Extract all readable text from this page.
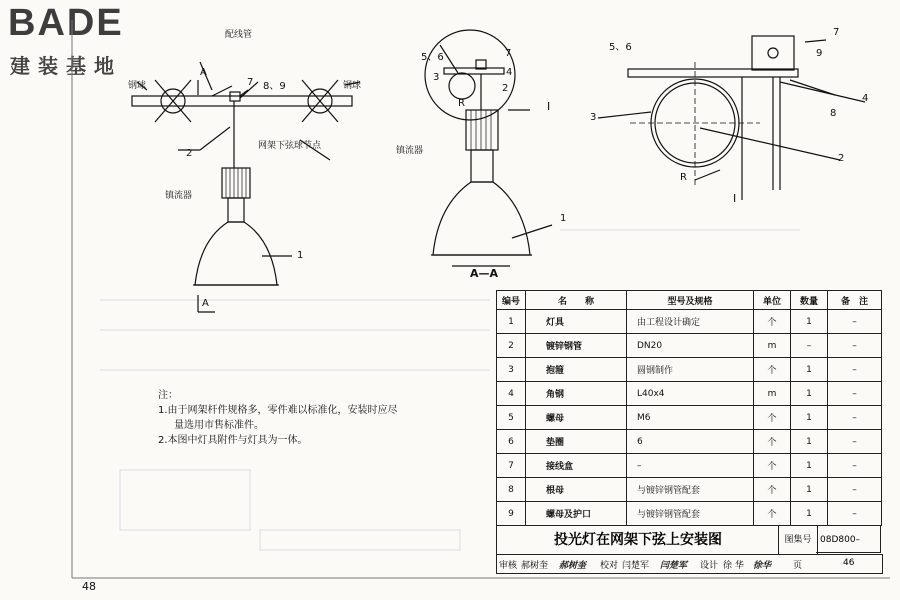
BADE
建装基地
配线管
钢球	钢球
A
A
网架下弦球节点
镇流器
镇流器
A—A
I
I
R
R
1
2
7 8、9
5、6	7
3	4
2
1
5、6
7
9
4
8
3
2
注：
1.由于网架杆件规格多，零件难以标准化，安装时应尽
量选用市售标准件。
2.本图中灯具附件与灯具为一体。
编号	名　　称	型号及规格	单位	数量	备　注
1	灯具	由工程设计确定	个	1	–
2	镀锌钢管	DN20	m	–	–
3	抱箍	圆钢制作	个	1	–
4	角钢	L40x4	m	1	–
5	螺母	M6	个	1	–
6	垫圈	6	个	1	–
7	接线盒	–	个	1	–
8	根母	与镀锌钢管配套	个	1	–
9	螺母及护口	与镀锌钢管配套	个	1	–
投光灯在网架下弦上安装图	图集号 08D800–
审核 郝树奎 郝树奎 校对 闫楚军 闫楚军 设计 徐 华 徐华 页	46
48
